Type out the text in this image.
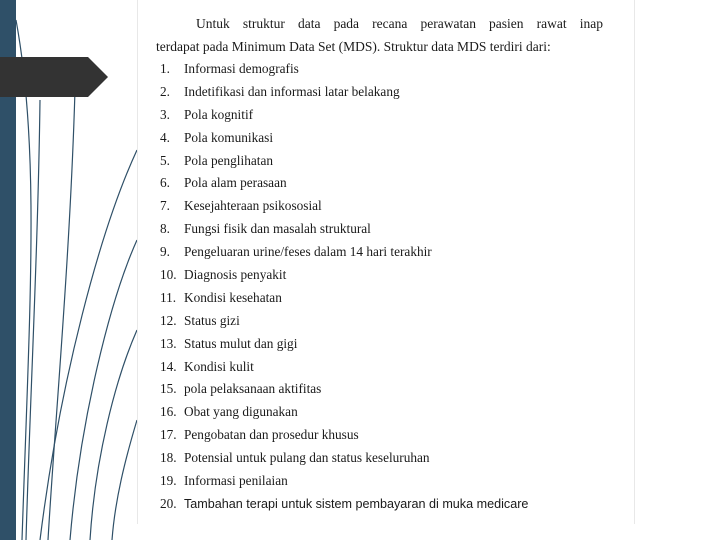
Untuk struktur data pada recana perawatan pasien rawat inap
terdapat pada Minimum Data Set (MDS). Struktur data MDS terdiri dari:
1. Informasi demografis
2. Indetifikasi dan informasi latar belakang
3. Pola kognitif
4. Pola komunikasi
5. Pola penglihatan
6. Pola alam perasaan
7. Kesejahteraan psikososial
8. Fungsi fisik dan masalah struktural
9. Pengeluaran urine/feses dalam 14 hari terakhir
10. Diagnosis penyakit
11. Kondisi kesehatan
12. Status gizi
13. Status mulut dan gigi
14. Kondisi kulit
15. pola pelaksanaan aktifitas
16. Obat yang digunakan
17. Pengobatan dan prosedur khusus
18. Potensial untuk pulang dan status keseluruhan
19. Informasi penilaian
20. Tambahan terapi untuk sistem pembayaran di muka medicare
